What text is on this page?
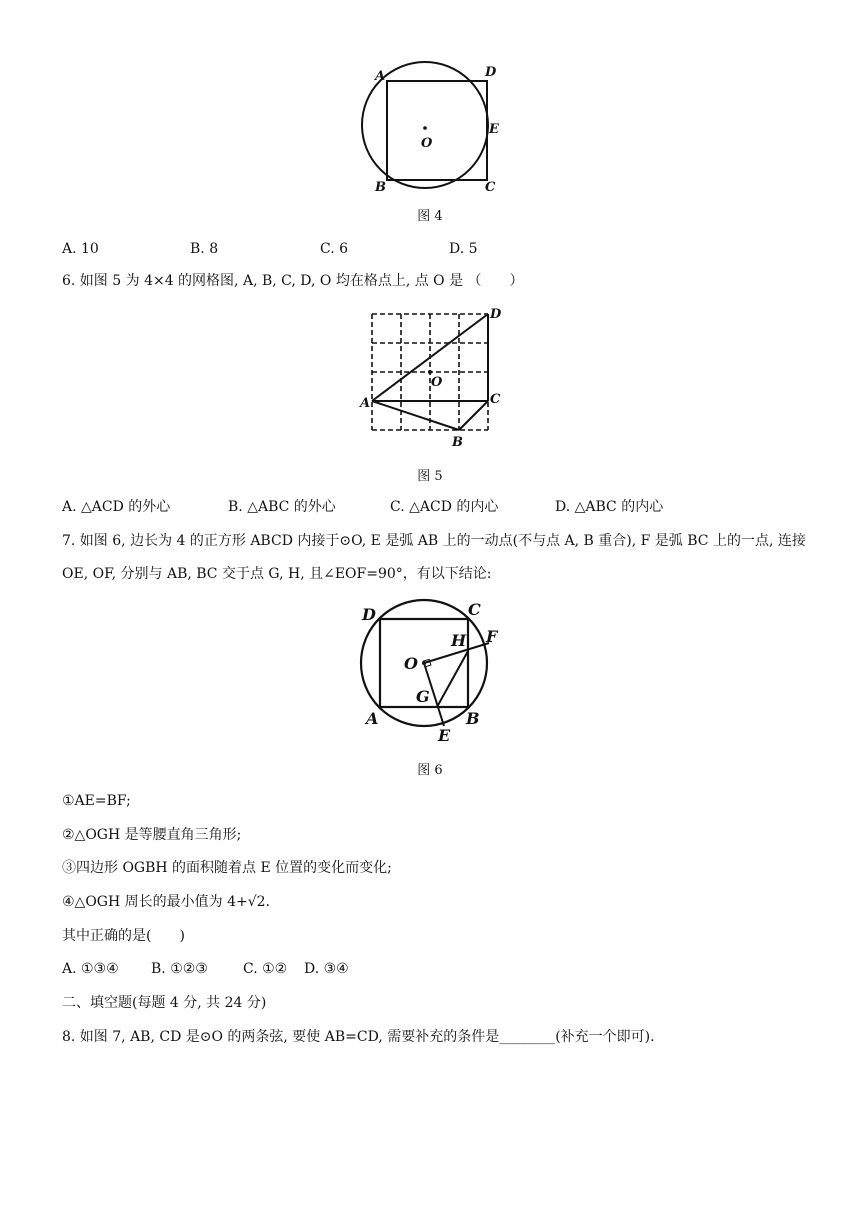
A	D
E
O
B	C
图 4
A. 10	B. 8	C. 6	D. 5
6. 如图 5 为 4×4 的网格图, A, B, C, D, O 均在格点上, 点 O 是 （　　）
A
B
C
D
O
图 5
A. △ACD 的外心	B. △ABC 的外心	C. △ACD 的内心	D. △ABC 的内心
7. 如图 6, 边长为 4 的正方形 ABCD 内接于⊙O, E 是弧 AB 上的一动点(不与点 A, B 重合), F 是弧 BC 上的一点, 连接
OE, OF, 分别与 AB, BC 交于点 G, H, 且∠EOF=90°，有以下结论:
D	C
H F
O
G
A	B
E
图 6
①AE=BF;
②△OGH 是等腰直角三角形;
③四边形 OGBH 的面积随着点 E 位置的变化而变化;
④△OGH 周长的最小值为 4+√2.
其中正确的是(　　)
A. ①③④ B. ①②③	C. ①② D. ③④
二、填空题(每题 4 分, 共 24 分)
8. 如图 7, AB, CD 是⊙O 的两条弦, 要使 AB=CD, 需要补充的条件是________(补充一个即可).
